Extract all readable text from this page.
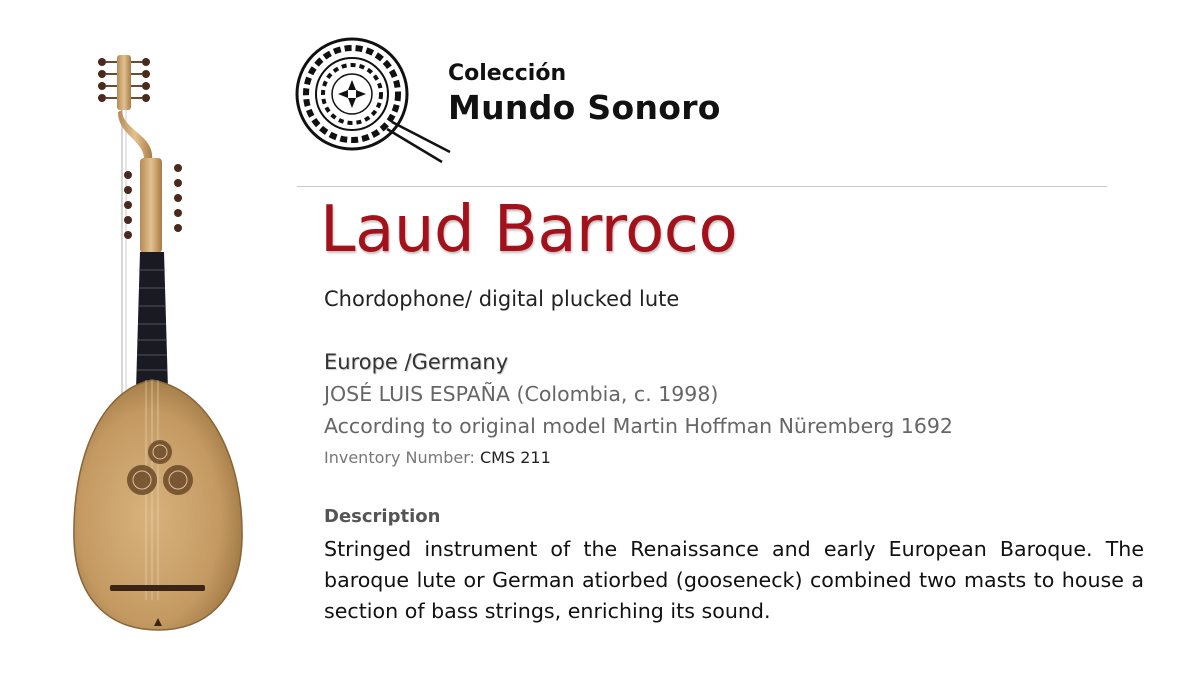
Colección
Mundo Sonoro
Laud Barroco
Chordophone/ digital plucked lute
Europe /Germany
JOSÉ LUIS ESPAÑA (Colombia, c. 1998)
According to original model Martin Hoffman Nüremberg 1692
Inventory Number: CMS 211
Description
Stringed instrument of the Renaissance and early European Baroque. The baroque lute or German atiorbed (gooseneck) combined two masts to house a section of bass strings, enriching its sound.
